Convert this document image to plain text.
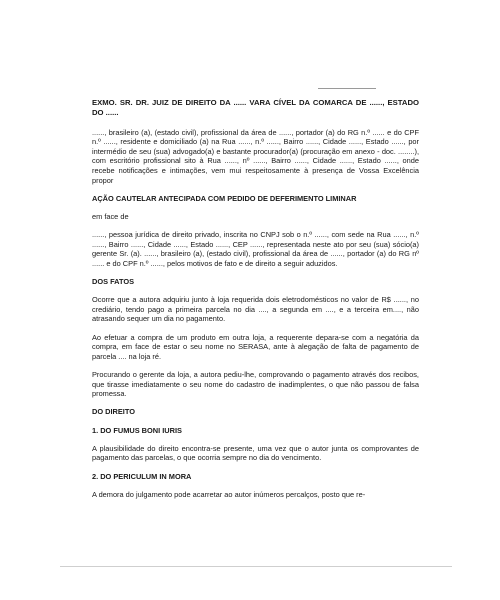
EXMO. SR. DR. JUIZ DE DIREITO DA ...... VARA CÍVEL DA COMARCA DE ......, ESTADO DO ......

......, brasileiro (a), (estado civil), profissional da área de ......, portador (a) do RG n.º ...... e do CPF n.º ......, residente e domiciliado (a) na Rua ......, n.º ......, Bairro ......, Cidade ......, Estado ......, por intermédio de seu (sua) advogado(a) e bastante procurador(a) (procuração em anexo - doc. ........), com escritório profissional sito à Rua ......, nº ......, Bairro ......, Cidade ......, Estado ......, onde recebe notificações e intimações, vem mui respeitosamente à presença de Vossa Excelência propor

AÇÃO CAUTELAR ANTECIPADA COM PEDIDO DE DEFERIMENTO LIMINAR

em face de

......, pessoa jurídica de direito privado, inscrita no CNPJ sob o n.º ......, com sede na Rua ......, n.º ......, Bairro ......, Cidade ......, Estado ......, CEP ......, representada neste ato por seu (sua) sócio(a) gerente Sr. (a). ......, brasileiro (a), (estado civil), profissional da área de ......, portador (a) do RG nº ...... e do CPF n.º ......, pelos motivos de fato e de direito a seguir aduzidos.

DOS FATOS

Ocorre que a autora adquiriu junto à loja requerida dois eletrodomésticos no valor de R$ ......, no crediário, tendo pago a primeira parcela no dia ...., a segunda em ...., e a terceira em...., não atrasando sequer um dia no pagamento.

Ao efetuar a compra de um produto em outra loja, a requerente depara-se com a negatória da compra, em face de estar o seu nome no SERASA, ante à alegação de falta de pagamento de parcela .... na loja ré.

Procurando o gerente da loja, a autora pediu-lhe, comprovando o pagamento através dos recibos, que tirasse imediatamente o seu nome do cadastro de inadimplentes, o que não passou de falsa promessa.

DO DIREITO

1. DO FUMUS BONI IURIS

A plausibilidade do direito encontra-se presente, uma vez que o autor junta os comprovantes de pagamento das parcelas, o que ocorria sempre no dia do vencimento.

2. DO PERICULUM IN MORA

A demora do julgamento pode acarretar ao autor inúmeros percalços, posto que re-
